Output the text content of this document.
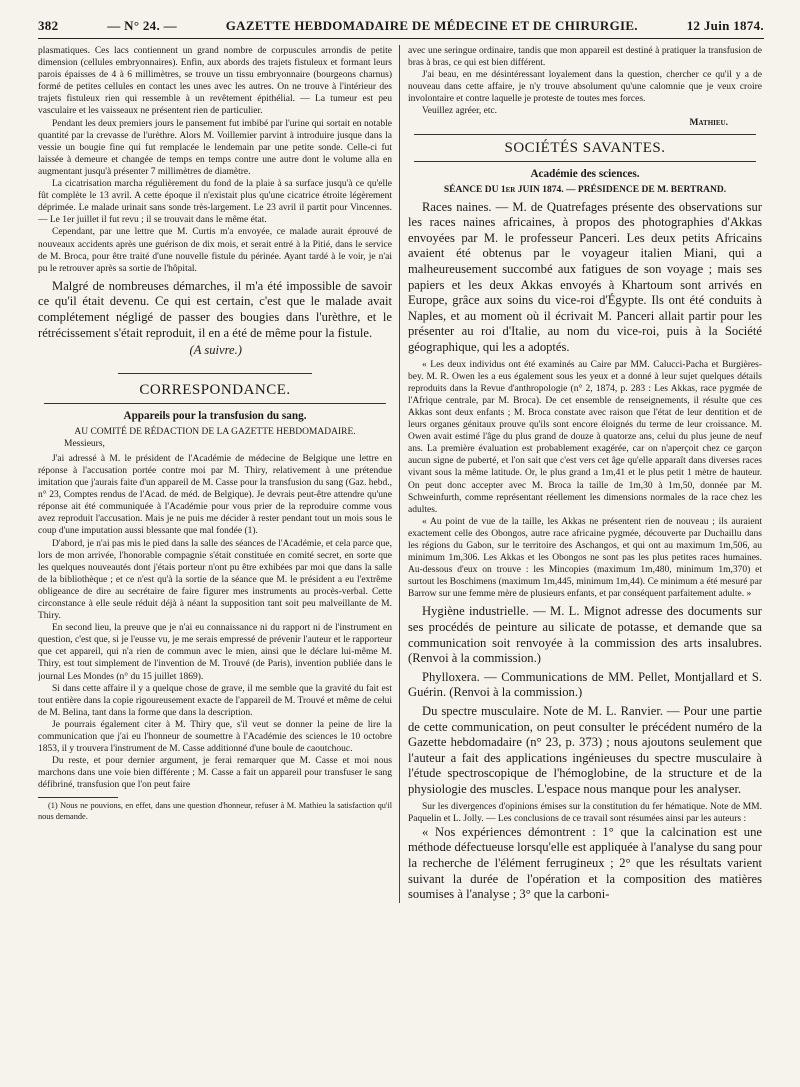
382	— N° 24. —	GAZETTE HEBDOMADAIRE DE MÉDECINE ET DE CHIRURGIE.	12 Juin 1874.

plasmatiques. Ces lacs contiennent un grand nombre de corpuscules arrondis de petite dimension (cellules embryonnaires). Enfin, aux abords des trajets fistuleux et formant leurs parois épaisses de 4 à 6 millimètres, se trouve un tissu embryonnaire (bourgeons charnus) formé de petites cellules en contact les unes avec les autres. On ne trouve à l'intérieur des trajets fistuleux rien qui ressemble à un revêtement épithélial. — La tumeur est peu vasculaire et les vaisseaux ne présentent rien de particulier.

Pendant les deux premiers jours le pansement fut imbibé par l'urine qui sortait en notable quantité par la crevasse de l'urèthre. Alors M. Voillemier parvint à introduire jusque dans la vessie un bougie fine qui fut remplacée le lendemain par une petite sonde. Celle-ci fut laissée à demeure et changée de temps en temps contre une autre dont le volume alla en augmentant jusqu'à présenter 7 millimètres de diamètre.

La cicatrisation marcha régulièrement du fond de la plaie à sa surface jusqu'à ce qu'elle fût complète le 13 avril. A cette époque il n'existait plus qu'une cicatrice étroite légèrement déprimée. Le malade urinait sans sonde très-largement. Le 23 avril il partit pour Vincennes. — Le 1er juillet il fut revu ; il se trouvait dans le même état.

Cependant, par une lettre que M. Curtis m'a envoyée, ce malade aurait éprouvé de nouveaux accidents après une guérison de dix mois, et serait entré à la Pitié, dans le service de M. Broca, pour être traité d'une nouvelle fistule du périnée. Ayant tardé à le voir, je n'ai pu le retrouver après sa sortie de l'hôpital.

Malgré de nombreuses démarches, il m'a été impossible de savoir ce qu'il était devenu. Ce qui est certain, c'est que le malade avait complétement négligé de passer des bougies dans l'urèthre, et le rétrécissement s'était reproduit, il en a été de même pour la fistule.

(A suivre.)

CORRESPONDANCE.
Appareils pour la transfusion du sang.

AU COMITÉ DE RÉDACTION DE LA GAZETTE HEBDOMADAIRE.

Messieurs,

J'ai adressé à M. le président de l'Académie de médecine de Belgique une lettre en réponse à l'accusation portée contre moi par M. Thiry, relativement à une prétendue imitation que j'aurais faite d'un appareil de M. Casse pour la transfusion du sang (Gaz. hebd., n° 23, Comptes rendus de l'Acad. de méd. de Belgique). Je devrais peut-être attendre qu'une réponse ait été communiquée à l'Académie pour vous prier de la reproduire comme vous avez reproduit l'accusation. Mais je ne puis me décider à rester pendant tout un mois sous le coup d'une imputation aussi blessante que mal fondée (1).

D'abord, je n'ai pas mis le pied dans la salle des séances de l'Académie, et cela parce que, lors de mon arrivée, l'honorable compagnie s'était constituée en comité secret, en sorte que les quelques nouveautés dont j'étais porteur n'ont pu être exhibées par moi que dans la salle de la bibliothèque ; et ce n'est qu'à la sortie de la séance que M. le président a eu l'extrême obligeance de dire au secrétaire de faire figurer mes instruments au procès-verbal. Cette circonstance à elle seule réduit déjà à néant la supposition tant soit peu malveillante de M. Thiry.

En second lieu, la preuve que je n'ai eu connaissance ni du rapport ni de l'instrument en question, c'est que, si je l'eusse vu, je me serais empressé de prévenir l'auteur et le rapporteur que cet appareil, qui n'a rien de commun avec le mien, ainsi que le déclare lui-même M. Thiry, est tout simplement de l'invention de M. Trouvé (de Paris), invention publiée dans le journal Les Mondes (n° du 15 juillet 1869).

Si dans cette affaire il y a quelque chose de grave, il me semble que la gravité du fait est tout entière dans la copie rigoureusement exacte de l'appareil de M. Trouvé et même de celui de M. Belina, tant dans la forme que dans la description.

Je pourrais également citer à M. Thiry que, s'il veut se donner la peine de lire la communication que j'ai eu l'honneur de soumettre à l'Académie des sciences le 10 octobre 1853, il y trouvera l'instrument de M. Casse additionné d'une boule de caoutchouc.

Du reste, et pour dernier argument, je ferai remarquer que M. Casse et moi nous marchons dans une voie bien différente ; M. Casse a fait un appareil pour transfuser le sang défibriné, transfusion que l'on peut faire

(1) Nous ne pouvions, en effet, dans une question d'honneur, refuser à M. Mathieu la satisfaction qu'il nous demande.

avec une seringue ordinaire, tandis que mon appareil est destiné à pratiquer la transfusion de bras à bras, ce qui est bien différent.

J'ai beau, en me désintéressant loyalement dans la question, chercher ce qu'il y a de nouveau dans cette affaire, je n'y trouve absolument qu'une calomnie que je veux croire involontaire et contre laquelle je proteste de toutes mes forces.

Veuillez agréer, etc.

Mathieu.

SOCIÉTÉS SAVANTES.
Académie des sciences.

SÉANCE DU 1er JUIN 1874. — PRÉSIDENCE DE M. BERTRAND.

Races naines. — M. de Quatrefages présente des observations sur les races naines africaines, à propos des photographies d'Akkas envoyées par M. le professeur Panceri. Les deux petits Africains avaient été obtenus par le voyageur italien Miani, qui a malheureusement succombé aux fatigues de son voyage ; mais ses papiers et les deux Akkas envoyés à Khartoum sont arrivés en Europe, grâce aux soins du vice-roi d'Égypte. Ils ont été conduits à Naples, et au moment où il écrivait M. Panceri allait partir pour les présenter au roi d'Italie, au nom du vice-roi, puis à la Société géographique, qui les a adoptés.

« Les deux individus ont été examinés au Caire par MM. Calucci-Pacha et Burgières-bey. M. R. Owen les a eus également sous les yeux et a donné à leur sujet quelques détails reproduits dans la Revue d'anthropologie (n° 2, 1874, p. 283 : Les Akkas, race pygmée de l'Afrique centrale, par M. Broca). De cet ensemble de renseignements, il résulte que ces Akkas sont deux enfants ; M. Broca constate avec raison que l'état de leur dentition et de leurs organes génitaux prouve qu'ils sont encore éloignés du terme de leur croissance. M. Owen avait estimé l'âge du plus grand de douze à quatorze ans, celui du plus jeune de neuf ans. La première évaluation est probablement exagérée, car on n'aperçoit chez ce garçon aucun signe de puberté, et l'on sait que c'est vers cet âge qu'elle apparaît dans diverses races vivant sous la même latitude. Or, le plus grand a 1m,41 et le plus petit 1 mètre de hauteur. On peut donc accepter avec M. Broca la taille de 1m,30 à 1m,50, donnée par M. Schweinfurth, comme représentant réellement les dimensions normales de la race chez les adultes.

« Au point de vue de la taille, les Akkas ne présentent rien de nouveau ; ils auraient exactement celle des Obongos, autre race africaine pygmée, découverte par Duchaillu dans les régions du Gabon, sur le territoire des Aschangos, et qui ont au maximum 1m,506, au minimum 1m,306. Les Akkas et les Obongos ne sont pas les plus petites races humaines. Au-dessous d'eux on trouve : les Mincopies (maximum 1m,480, minimum 1m,370) et surtout les Boschimens (maximum 1m,445, minimum 1m,44). Ce minimum a été mesuré par Barrow sur une femme mère de plusieurs enfants, et par conséquent parfaitement adulte. »

Hygiène industrielle. — M. L. Mignot adresse des documents sur ses procédés de peinture au silicate de potasse, et demande que sa communication soit renvoyée à la commission des arts insalubres. (Renvoi à la commission.)

Phylloxera. — Communications de MM. Pellet, Montjallard et S. Guérin. (Renvoi à la commission.)

Du spectre musculaire. Note de M. L. Ranvier. — Pour une partie de cette communication, on peut consulter le précédent numéro de la Gazette hebdomadaire (n° 23, p. 373) ; nous ajoutons seulement que l'auteur a fait des applications ingénieuses du spectre musculaire à l'étude spectroscopique de l'hémoglobine, de la structure et de la physiologie des muscles. L'espace nous manque pour les analyser.

Sur les divergences d'opinions émises sur la constitution du fer hématique. Note de MM. Paquelin et L. Jolly. — Les conclusions de ce travail sont résumées ainsi par les auteurs :

« Nos expériences démontrent : 1° que la calcination est une méthode défectueuse lorsqu'elle est appliquée à l'analyse du sang pour la recherche de l'élément ferrugineux ; 2° que les résultats varient suivant la durée de l'opération et la composition des matières soumises à l'analyse ; 3° que la carboni-
